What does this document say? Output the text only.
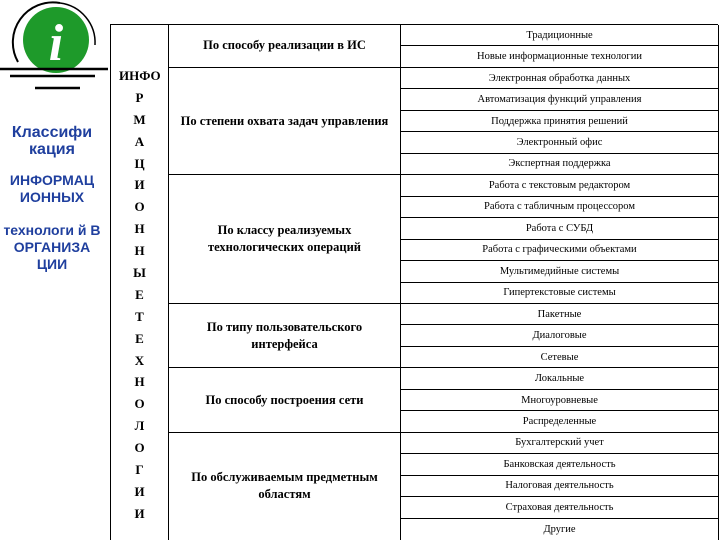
i
Классифи кация
ИНФОРМАЦ ИОННЫХ
технологи й В ОРГАНИЗА ЦИИ
ИНФО
Р
М
А
Ц
И
О
Н
Н
Ы
Е
Т
Е
Х
Н
О
Л
О
Г
И
И
По способу реализации в ИС
По степени охвата задач управления
По классу реализуемых технологических операций
По типу пользовательского интерфейса
По способу построения сети
По обслуживаемым предметным областям
Традиционные
Новые информационные технологии
Электронная обработка данных
Автоматизация функций управления
Поддержка принятия решений
Электронный офис
Экспертная поддержка
Работа с текстовым редактором
Работа с табличным процессором
Работа с СУБД
Работа с графическими объектами
Мультимедийные системы
Гипертекстовые системы
Пакетные
Диалоговые
Сетевые
Локальные
Многоуровневые
Распределенные
Бухгалтерский учет
Банковская деятельность
Налоговая деятельность
Страховая деятельность
Другие
